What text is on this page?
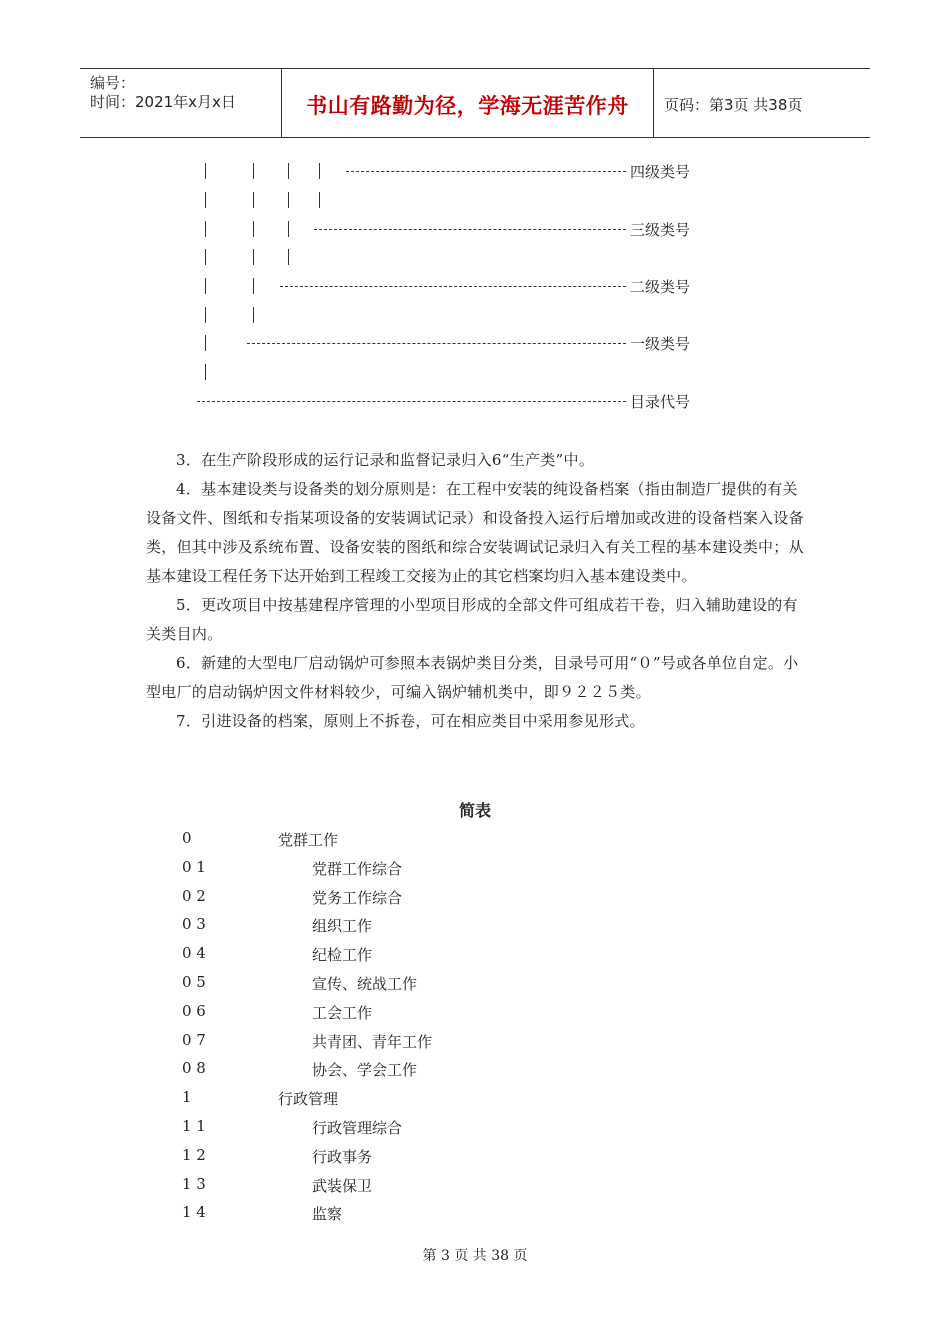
编号：
时间：2021年x月x日	书山有路勤为径，学海无涯苦作舟	页码：第3页 共38页
四级类号
三级类号
二级类号
一级类号
目录代号

3．在生产阶段形成的运行记录和监督记录归入6“生产类”中。

4．基本建设类与设备类的划分原则是：在工程中安装的纯设备档案（指由制造厂提供的有关设备文件、图纸和专指某项设备的安装调试记录）和设备投入运行后增加或改进的设备档案入设备类，但其中涉及系统布置、设备安装的图纸和综合安装调试记录归入有关工程的基本建设类中；从基本建设工程任务下达开始到工程竣工交接为止的其它档案均归入基本建设类中。

5．更改项目中按基建程序管理的小型项目形成的全部文件可组成若干卷，归入辅助建设的有关类目内。

6．新建的大型电厂启动锅炉可参照本表锅炉类目分类，目录号可用“０”号或各单位自定。小型电厂的启动锅炉因文件材料较少，可编入锅炉辅机类中，即９２２５类。

7．引进设备的档案，原则上不拆卷，可在相应类目中采用参见形式。

简表
0	党群工作
0 1	党群工作综合
0 2	党务工作综合
0 3	组织工作
0 4	纪检工作
0 5	宣传、统战工作
0 6	工会工作
0 7	共青团、青年工作
0 8	协会、学会工作
1	行政管理
1 1	行政管理综合
1 2	行政事务
1 3	武装保卫
1 4	监察
第 3 页 共 38 页
